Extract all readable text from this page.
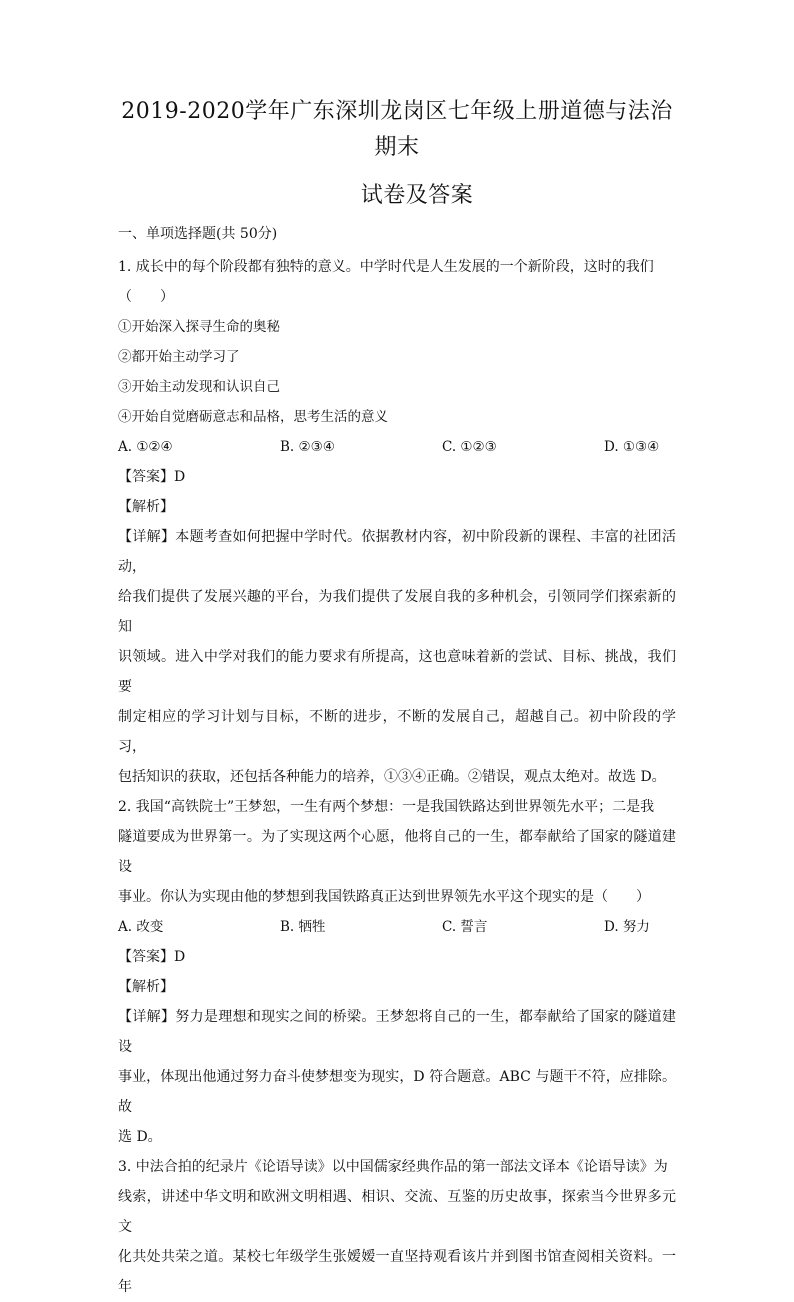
2019-2020学年广东深圳龙岗区七年级上册道德与法治期末
试卷及答案

一、单项选择题(共 50分)

1. 成长中的每个阶段都有独特的意义。中学时代是人生发展的一个新阶段，这时的我们

（　　）

①开始深入探寻生命的奥秘

②都开始主动学习了

③开始主动发现和认识自己

④开始自觉磨砺意志和品格，思考生活的意义

A. ①②④	B. ②③④	C. ①②③	D. ①③④

【答案】D

【解析】

【详解】本题考查如何把握中学时代。依据教材内容，初中阶段新的课程、丰富的社团活动，

给我们提供了发展兴趣的平台，为我们提供了发展自我的多种机会，引领同学们探索新的知

识领域。进入中学对我们的能力要求有所提高，这也意味着新的尝试、目标、挑战，我们要

制定相应的学习计划与目标，不断的进步，不断的发展自己，超越自己。初中阶段的学习，

包括知识的获取，还包括各种能力的培养，①③④正确。②错误，观点太绝对。故选 D。

2. 我国“高铁院士”王梦恕，一生有两个梦想：一是我国铁路达到世界领先水平；二是我

隧道要成为世界第一。为了实现这两个心愿，他将自己的一生，都奉献给了国家的隧道建设

事业。你认为实现由他的梦想到我国铁路真正达到世界领先水平这个现实的是（　　）

A. 改变	B. 牺牲	C. 誓言	D. 努力

【答案】D

【解析】

【详解】努力是理想和现实之间的桥梁。王梦恕将自己的一生，都奉献给了国家的隧道建设

事业，体现出他通过努力奋斗使梦想变为现实，D 符合题意。ABC 与题干不符，应排除。故

选 D。

3. 中法合拍的纪录片《论语导读》以中国儒家经典作品的第一部法文译本《论语导读》为

线索，讲述中华文明和欧洲文明相遇、相识、交流、互鉴的历史故事，探索当今世界多元文

化共处共荣之道。某校七年级学生张嫒嫒一直坚持观看该片并到图书馆查阅相关资料。一年
